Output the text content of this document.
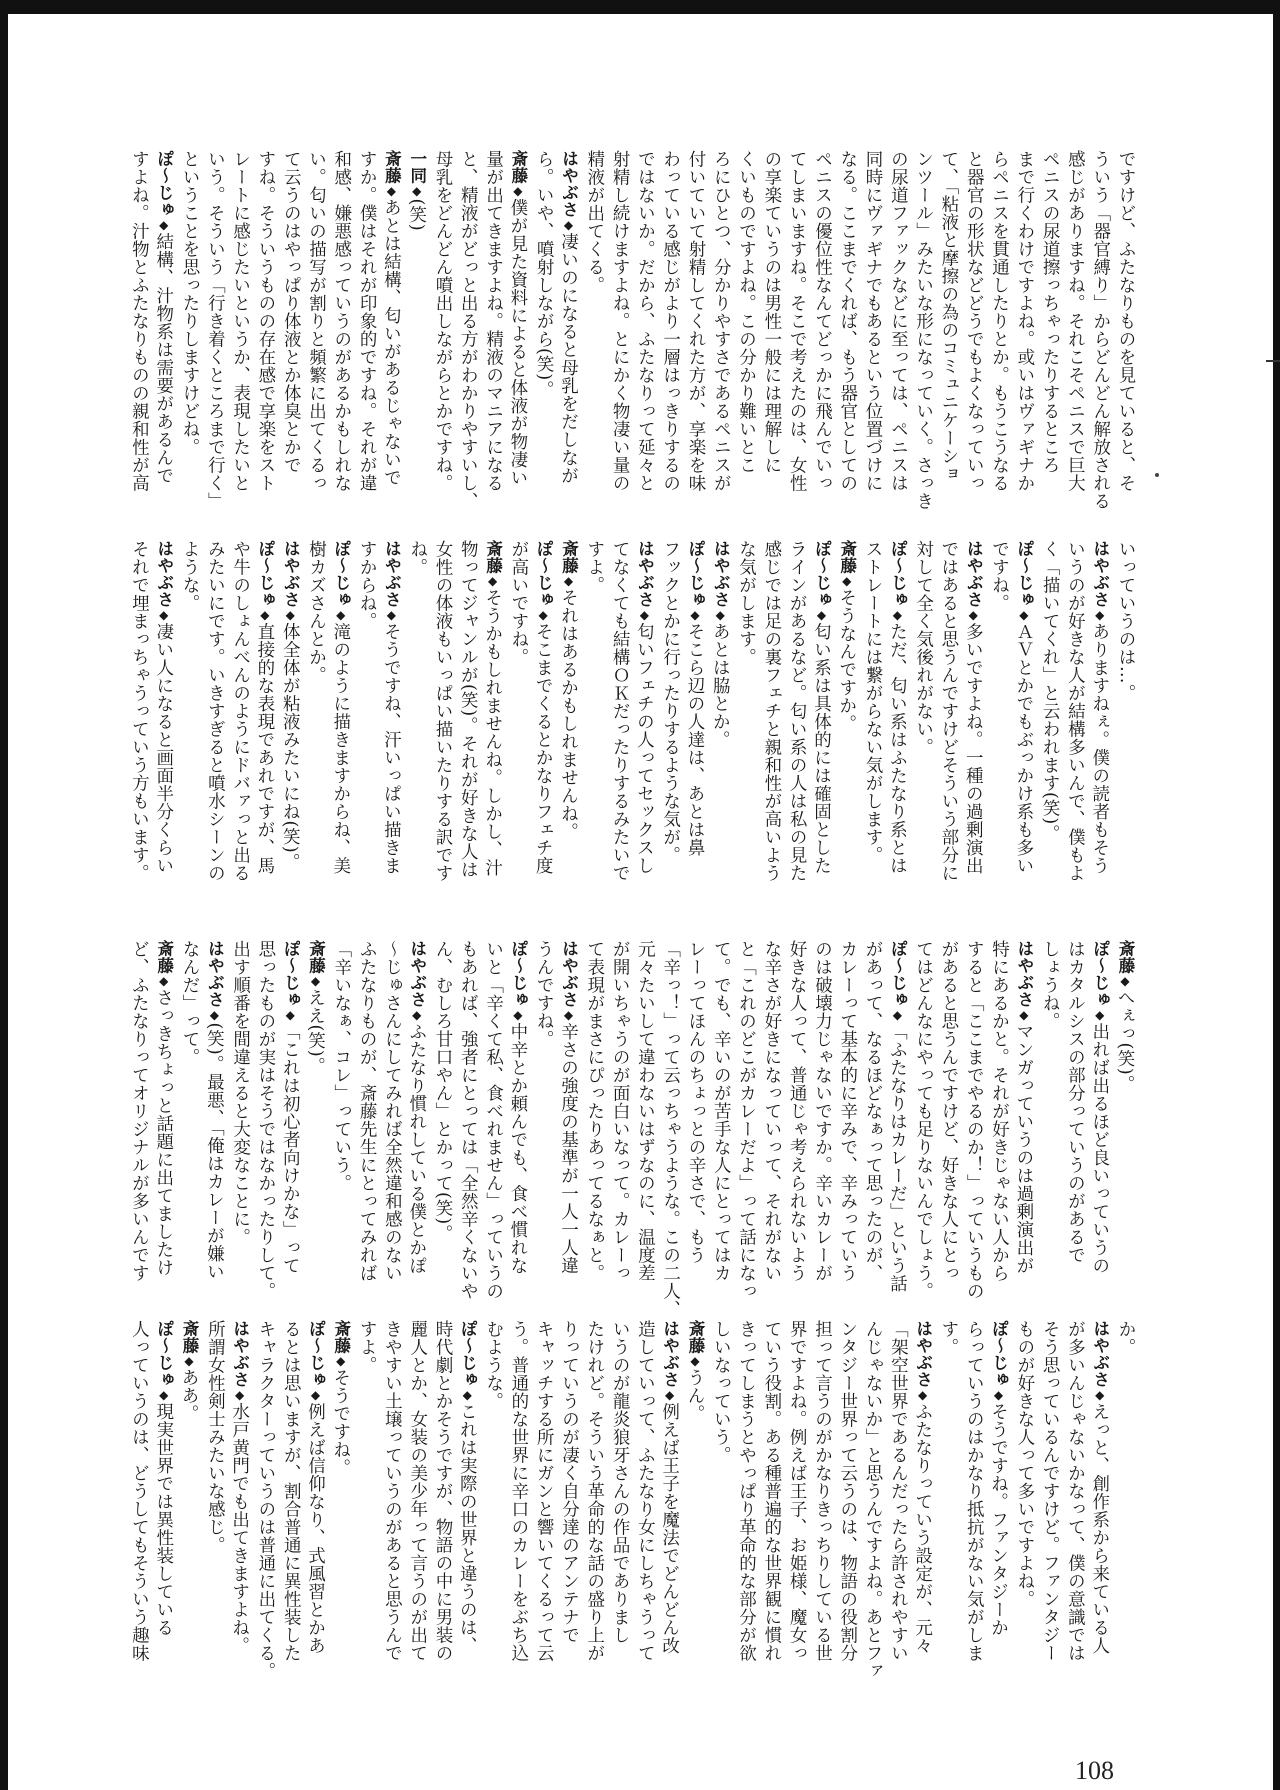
ですけど、ふたなりものを見ていると、そ
ういう「器官縛り」からどんどん解放される
感じがありますね。それこそペニスで巨大
ペニスの尿道擦っちゃったりするところ
まで行くわけですよね。或いはヴァギナか
らペニスを貫通したりとか。もうこうなる
と器官の形状などどうでもよくなっていっ
て、「粘液と摩擦の為のコミュニケーショ
ンツール」みたいな形になっていく。さっき
の尿道ファックなどに至っては、ペニスは
同時にヴァギナでもあるという位置づけに
なる。ここまでくれば、もう器官としての
ペニスの優位性なんてどっかに飛んでいっ
てしまいますね。そこで考えたのは、女性
の享楽ていうのは男性一般には理解しに
くいものですよね。この分かり難いとこ
ろにひとつ、分かりやすさであるペニスが
付いていて射精してくれた方が、享楽を味
わっている感じがより一層はっきりするの
ではないか。だから、ふたなりって延々と
射精し続けますよね。とにかく物凄い量の
精液が出てくる。
はやぶさ◆凄いのになると母乳をだしなが
ら。いや、噴射しながら(笑)。
斎藤◆僕が見た資料によると体液が物凄い
量が出てきますよね。精液のマニアになる
と、精液がどっと出る方がわかりやすいし、
母乳をどんどん噴出しながらとかですね。
一同◆(笑)
斎藤◆あとは結構、匂いがあるじゃないで
すか。僕はそれが印象的ですね。それが違
和感、嫌悪感っていうのがあるかもしれな
い。匂いの描写が割りと頻繁に出てくるっ
て云うのはやっぱり体液とか体臭とかで
すね。そういうものの存在感で享楽をスト
レートに感じたいというか、表現したいと
いう。そういう「行き着くところまで行く」
ということを思ったりしますけどね。
ぽ〜じゅ◆結構、汁物系は需要があるんで
すよね。汁物とふたなりものの親和性が高
いっていうのは…。
はやぶさ◆ありますねぇ。僕の読者もそう
いうのが好きな人が結構多いんで、僕もよ
く「描いてくれ」と云われます(笑)。
ぽ〜じゅ◆ＡＶとかでもぶっかけ系も多い
ですね。
はやぶさ◆多いですよね。一種の過剰演出
ではあると思うんですけどそういう部分に
対して全く気後れがない。
ぽ〜じゅ◆ただ、匂い系はふたなり系とは
ストレートには繋がらない気がします。
斎藤◆そうなんですか。
ぽ〜じゅ◆匂い系は具体的には確固とした
ラインがあるなど。匂い系の人は私の見た
感じでは足の裏フェチと親和性が高いよう
な気がします。
はやぶさ◆あとは脇とか。
ぽ〜じゅ◆そこら辺の人達は、あとは鼻
フックとかに行ったりするような気が。
はやぶさ◆匂いフェチの人ってセックスし
てなくても結構ＯＫだったりするみたいで
すよ。
斎藤◆それはあるかもしれませんね。
ぽ〜じゅ◆そこまでくるとかなりフェチ度
が高いですね。
斎藤◆そうかもしれませんね。しかし、汁
物ってジャンルが(笑)。それが好きな人は
女性の体液もいっぱい描いたりする訳です
ね。
はやぶさ◆そうですね、汗いっぱい描きま
すからね。
ぽ〜じゅ◆滝のように描きますからね、美
樹カズさんとか。
はやぶさ◆体全体が粘液みたいにね(笑)。
ぽ〜じゅ◆直接的な表現であれですが、馬
や牛のしょんべんのようにドバァっと出る
みたいにです。いきすぎると噴水シーンの
ような。
はやぶさ◆凄い人になると画面半分くらい
それで埋まっちゃうっていう方もいます。
斎藤◆へぇっ(笑)。
ぽ〜じゅ◆出れば出るほど良いっていうの
はカタルシスの部分っていうのがあるで
しょうね。
はやぶさ◆マンガっていうのは過剰演出が
特にあるかと。それが好きじゃない人から
すると「ここまでやるのか！」っていうもの
があると思うんですけど、好きな人にとっ
てはどんなにやっても足りないんでしょう。
ぽ〜じゅ◆「ふたなりはカレーだ」という話
があって、なるほどなぁって思ったのが、
カレーって基本的に辛みで、辛みっていう
のは破壊力じゃないですか。辛いカレーが
好きな人って、普通じゃ考えられないよう
な辛さが好きになっていって、それがない
と「これのどこがカレーだよ」って話になっ
て。でも、辛いのが苦手な人にとってはカ
レーってほんのちょっとの辛さで、もう
「辛っ！」って云っちゃうような。この二人、
元々たいして違わないはずなのに、温度差
が開いちゃうのが面白いなって。カレーっ
て表現がまさにぴったりあってるなぁと。
はやぶさ◆辛さの強度の基準が一人一人違
うんですね。
ぽ〜じゅ◆中辛とか頼んでも、食べ慣れな
いと「辛くて私、食べれません」っていうの
もあれば、強者にとっては「全然辛くないや
ん、むしろ甘口やん」とかって(笑)。
はやぶさ◆ふたなり慣れしている僕とかぽ
〜じゅさんにしてみれば全然違和感のない
ふたなりものが、斎藤先生にとってみれば
「辛いなぁ、コレ」っていう。
斎藤◆ええ(笑)。
ぽ〜じゅ◆「これは初心者向けかな」って
思ったものが実はそうではなかったりして。
出す順番を間違えると大変なことに。
はやぶさ◆(笑)。最悪、「俺はカレーが嫌い
なんだ」って。
斎藤◆さっきちょっと話題に出てましたけ
ど、ふたなりってオリジナルが多いんです
か。
はやぶさ◆えっと、創作系から来ている人
が多いんじゃないかなって、僕の意識では
そう思っているんですけど。ファンタジー
ものが好きな人って多いですよね。
ぽ〜じゅ◆そうですね。ファンタジーか
らっていうのはかなり抵抗がない気がしま
す。
はやぶさ◆ふたなりっていう設定が、元々
「架空世界であるんだったら許されやすい
んじゃないか」と思うんですよね。あとファ
ンタジー世界って云うのは、物語の役割分
担って言うのがかなりきっちりしている世
界ですよね。例えば王子、お姫様、魔女っ
ていう役割。ある種普遍的な世界観に慣れ
きってしまうとやっぱり革命的な部分が欲
しいなっていう。
斎藤◆うん。
はやぶさ◆例えば王子を魔法でどんどん改
造していって、ふたなり女にしちゃうって
いうのが龍炎狼牙さんの作品でありまし
たけれど。そういう革命的な話の盛り上が
りっていうのが凄く自分達のアンテナで
キャッチする所にガンと響いてくるって云
う。普通的な世界に辛口のカレーをぶち込
むような。
ぽ〜じゅ◆これは実際の世界と違うのは、
時代劇とかそうですが、物語の中に男装の
麗人とか、女装の美少年って言うのが出て
きやすい土壌っていうのがあると思うんで
すよ。
斎藤◆そうですね。
ぽ〜じゅ◆例えば信仰なり、式風習とかあ
るとは思いますが、割合普通に異性装した
キャラクターっていうのは普通に出てくる。
はやぶさ◆水戸黄門でも出てきますよね。
所謂女性剣士みたいな感じ。
斎藤◆ああ。
ぽ〜じゅ◆現実世界では異性装している
人っていうのは、どうしてもそういう趣味
108
